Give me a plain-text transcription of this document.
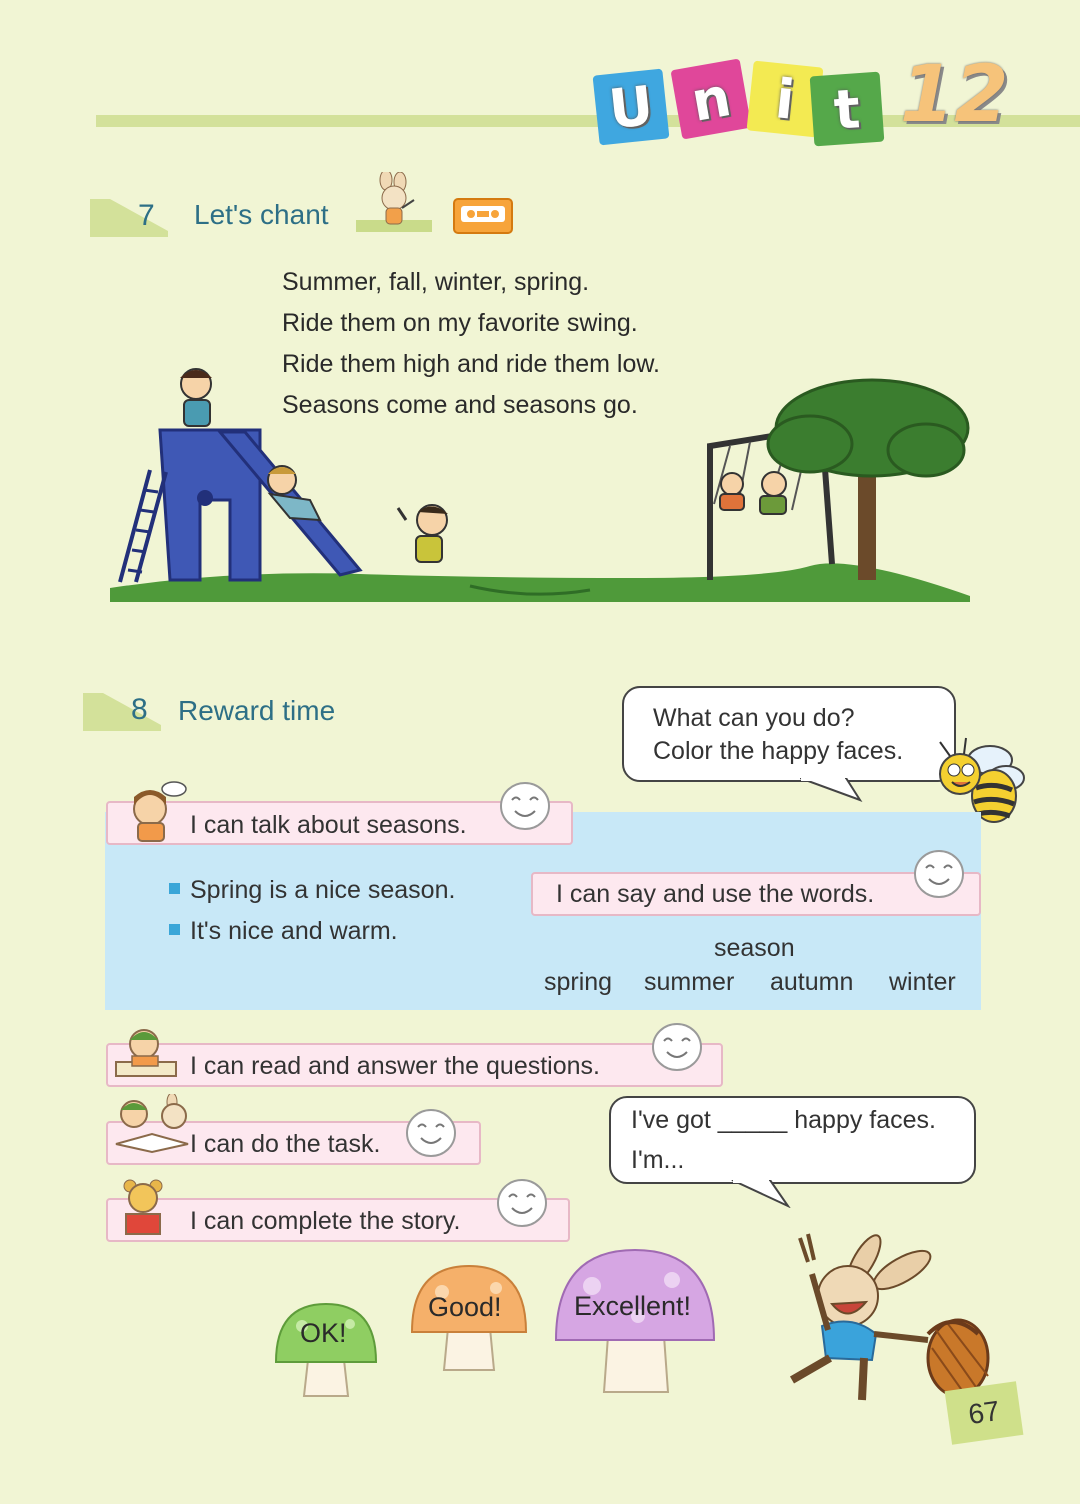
U n i t 12
7 Let's chant
Summer, fall, winter, spring.
Ride them on my favorite swing.
Ride them high and ride them low.
Seasons come and seasons go.
8 Reward time	What can you do?
Color the happy faces.
I can talk about seasons.
Spring is a nice season.
It's nice and warm.
I can say and use the words.
season
spring summer autumn winter
I can read and answer the questions.
I can do the task.
I can complete the story.
I've got _____ happy faces.
I'm...
OK!
Good!	Excellent!
67
